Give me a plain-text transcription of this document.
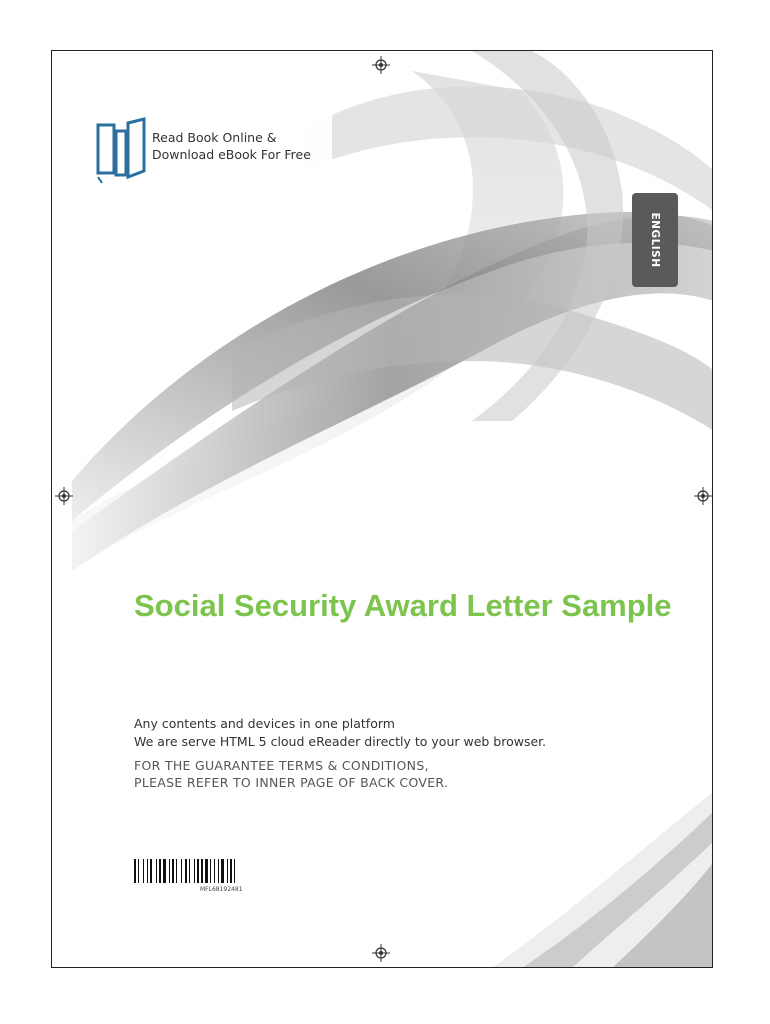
Read Book Online &
Download eBook For Free
ENGLISH
Social Security Award Letter Sample
Any contents and devices in one platform
We are serve HTML 5 cloud eReader directly to your web browser.
FOR THE GUARANTEE TERMS & CONDITIONS,
PLEASE REFER TO INNER PAGE OF BACK COVER.
MFL68192481
